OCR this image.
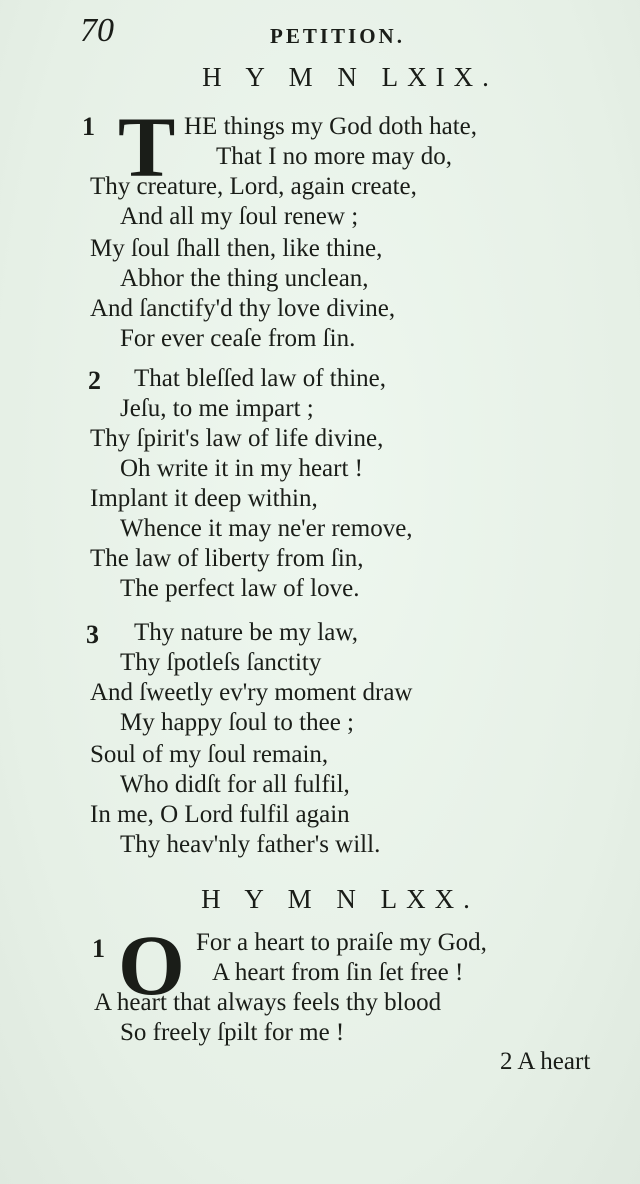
70	PETITION.
H Y M N LXIX.
1 T HE things my God doth hate,
That I no more may do,
Thy creature, Lord, again create,
And all my ſoul renew ;
My ſoul ſhall then, like thine,
Abhor the thing unclean,
And ſanctify'd thy love divine,
For ever ceaſe from ſin.
2 That bleſſed law of thine,
Jeſu, to me impart ;
Thy ſpirit's law of life divine,
Oh write it in my heart !
Implant it deep within,
Whence it may ne'er remove,
The law of liberty from ſin,
The perfect law of love.
3 Thy nature be my law,
Thy ſpotleſs ſanctity
And ſweetly ev'ry moment draw
My happy ſoul to thee ;
Soul of my ſoul remain,
Who didſt for all fulfil,
In me, O Lord fulfil again
Thy heav'nly father's will.
H Y M N LXX.
1 O For a heart to praiſe my God,
A heart from ſin ſet free !
A heart that always feels thy blood
So freely ſpilt for me !
2 A heart
